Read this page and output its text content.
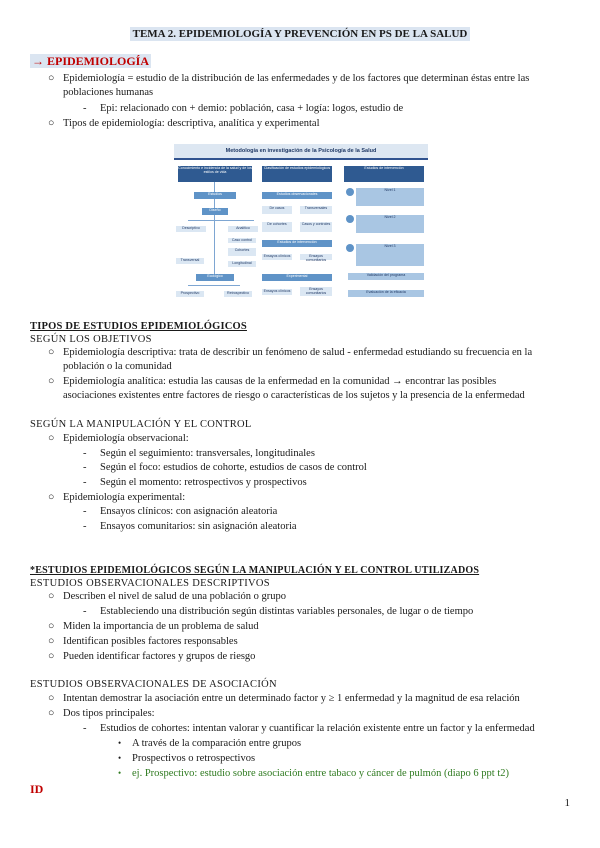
TEMA 2. EPIDEMIOLOGÍA Y PREVENCIÓN EN PS DE LA SALUD
→ EPIDEMIOLOGÍA
○ Epidemiología = estudio de la distribución de las enfermedades y de los factores que determinan éstas entre las
poblaciones humanas
- Epi: relacionado con + demio: población, casa + logía: logos, estudio de
○ Tipos de epidemiología: descriptiva, analítica y experimental
Metodología en investigación de la Psicología de la Salud
Conocimiento e incidencia de la salud y de los estilos de vida
Estudios
Diseño
Descriptivo	Analítico
Caso control
Cohortes
Ecológico
Prospectivo	Retrospectivo
Clasificación de estudios epidemiológicos
Estudios observacionales
De casos	Transversales
De cohortes	Casos y controles
Estudios de intervención
Ensayos clínicos	Ensayos comunitarios
Experimental
Ensayos clínicos	Ensayos comunitarios
Estudios de intervención
Nivel 1
Nivel 2
Nivel 3
Validación del programa
Evaluación de la eficacia
Transversal
Longitudinal
TIPOS DE ESTUDIOS EPIDEMIOLÓGICOS
SEGÚN LOS OBJETIVOS
○ Epidemiología descriptiva: trata de describir un fenómeno de salud - enfermedad estudiando su frecuencia en la
población o la comunidad
○ Epidemiología analítica: estudia las causas de la enfermedad en la comunidad → encontrar las posibles
asociaciones existentes entre factores de riesgo o características de los sujetos y la presencia de la enfermedad
SEGÚN LA MANIPULACIÓN Y EL CONTROL
○ Epidemiología observacional:
- Según el seguimiento: transversales, longitudinales
- Según el foco: estudios de cohorte, estudios de casos de control
- Según el momento: retrospectivos y prospectivos
○ Epidemiología experimental:
- Ensayos clínicos: con asignación aleatoria
- Ensayos comunitarios: sin asignación aleatoria
*ESTUDIOS EPIDEMIOLÓGICOS SEGÚN LA MANIPULACIÓN Y EL CONTROL UTILIZADOS
ESTUDIOS OBSERVACIONALES DESCRIPTIVOS
○ Describen el nivel de salud de una población o grupo
- Estableciendo una distribución según distintas variables personales, de lugar o de tiempo
○ Miden la importancia de un problema de salud
○ Identifican posibles factores responsables
○ Pueden identificar factores y grupos de riesgo
ESTUDIOS OBSERVACIONALES DE ASOCIACIÓN
○ Intentan demostrar la asociación entre un determinado factor y ≥ 1 enfermedad y la magnitud de esa relación
○ Dos tipos principales:
- Estudios de cohortes: intentan valorar y cuantificar la relación existente entre un factor y la enfermedad
• A través de la comparación entre grupos
• Prospectivos o retrospectivos
• ej. Prospectivo: estudio sobre asociación entre tabaco y cáncer de pulmón (diapo 6 ppt t2)
ID
1
